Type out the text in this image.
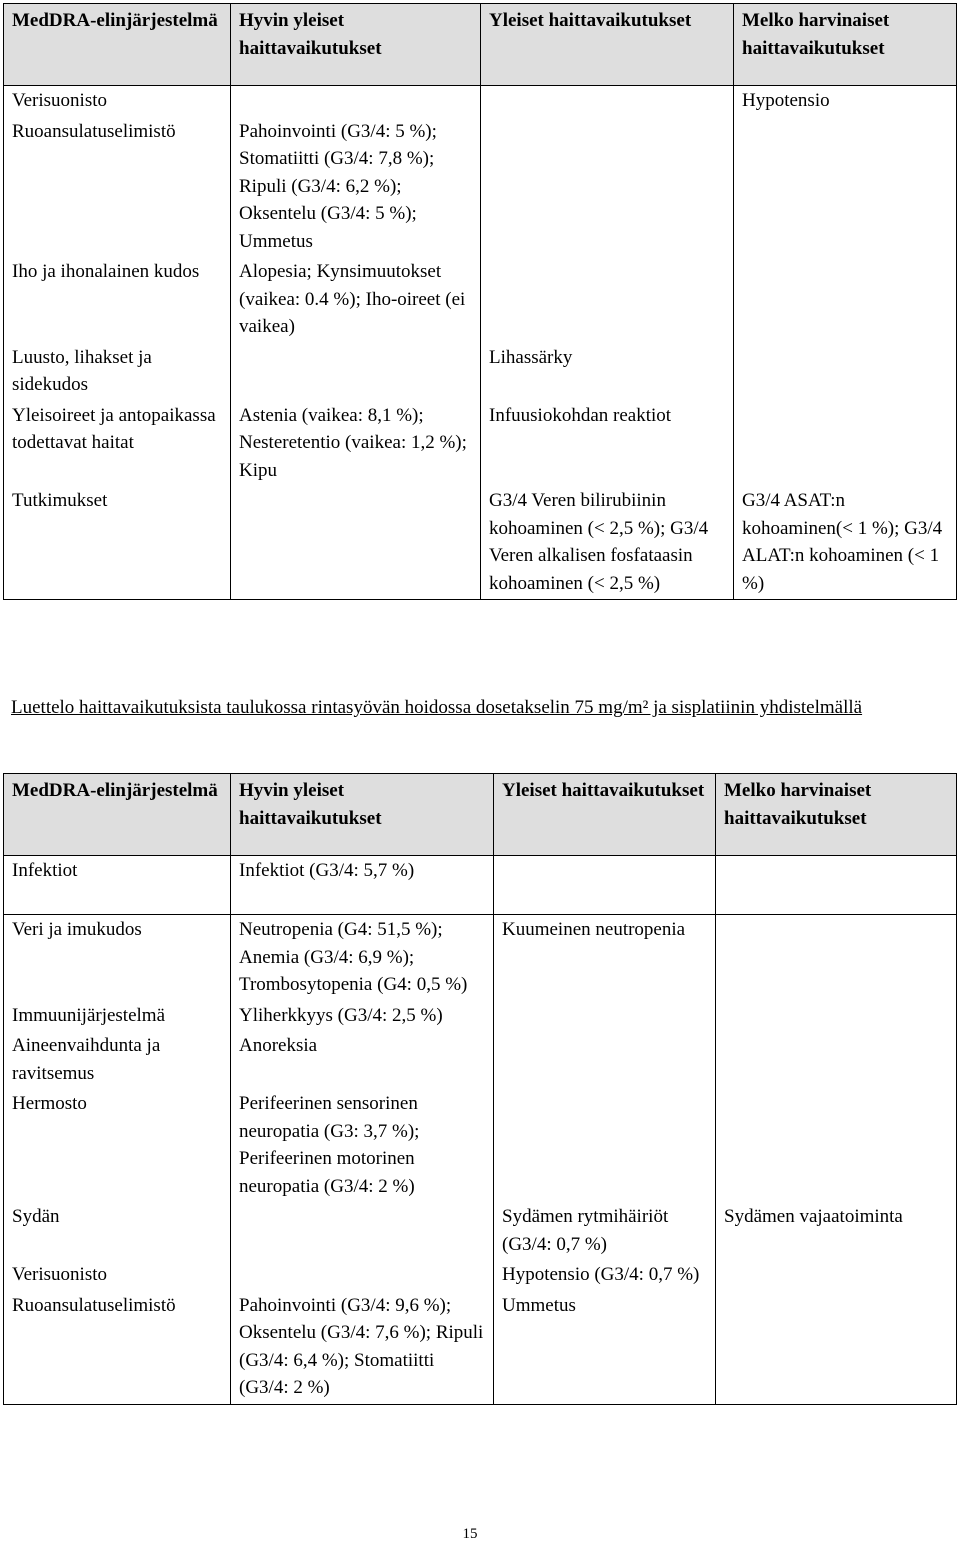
MedDRA-elinjärjestelmä	Hyvin yleiset haittavaikutukset	Yleiset haittavaikutukset	Melko harvinaiset haittavaikutukset
Verisuonisto			Hypotensio
Ruoansulatuselimistö	Pahoinvointi (G3/4: 5 %); Stomatiitti (G3/4: 7,8 %); Ripuli (G3/4: 6,2 %); Oksentelu (G3/4: 5 %); Ummetus		
Iho ja ihonalainen kudos	Alopesia; Kynsimuutokset (vaikea: 0.4 %); Iho-oireet (ei vaikea)		
Luusto, lihakset ja sidekudos		Lihassärky	
Yleisoireet ja antopaikassa todettavat haitat	Astenia (vaikea: 8,1 %); Nesteretentio (vaikea: 1,2 %); Kipu	Infuusiokohdan reaktiot	
Tutkimukset		G3/4 Veren bilirubiinin kohoaminen (< 2,5 %); G3/4 Veren alkalisen fosfataasin kohoaminen (< 2,5 %)	G3/4 ASAT:n kohoaminen(< 1 %); G3/4 ALAT:n kohoaminen (< 1 %)
Luettelo haittavaikutuksista taulukossa rintasyövän hoidossa dosetakselin 75 mg/m² ja sisplatiinin yhdistelmällä
MedDRA-elinjärjestelmä	Hyvin yleiset haittavaikutukset	Yleiset haittavaikutukset	Melko harvinaiset haittavaikutukset
Infektiot	Infektiot (G3/4: 5,7 %)		
Veri ja imukudos	Neutropenia (G4: 51,5 %); Anemia (G3/4: 6,9 %); Trombosytopenia (G4: 0,5 %)	Kuumeinen neutropenia	
Immuunijärjestelmä	Yliherkkyys (G3/4: 2,5 %)		
Aineenvaihdunta ja ravitsemus	Anoreksia		
Hermosto	Perifeerinen sensorinen neuropatia (G3: 3,7 %); Perifeerinen motorinen neuropatia (G3/4: 2 %)		
Sydän		Sydämen rytmihäiriöt (G3/4: 0,7 %)	Sydämen vajaatoiminta
Verisuonisto		Hypotensio (G3/4: 0,7 %)	
Ruoansulatuselimistö	Pahoinvointi (G3/4: 9,6 %); Oksentelu (G3/4: 7,6 %); Ripuli (G3/4: 6,4 %); Stomatiitti (G3/4: 2 %)	Ummetus	
15
